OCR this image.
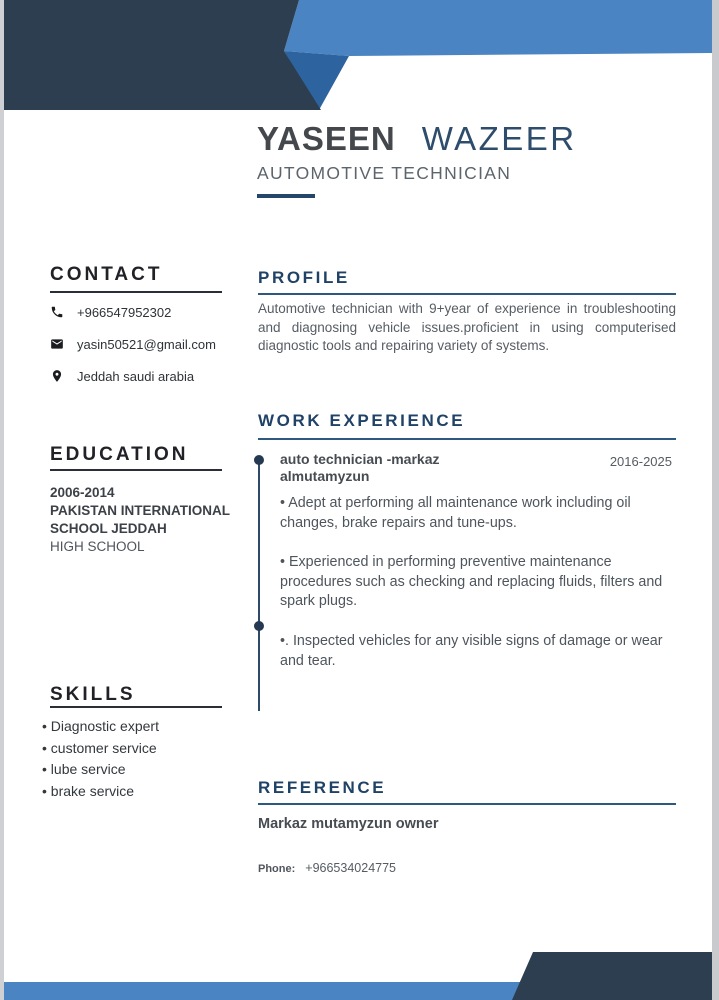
YASEEN WAZEER
AUTOMOTIVE TECHNICIAN
CONTACT
+966547952302
yasin50521@gmail.com
Jeddah saudi arabia
EDUCATION
2006-2014
PAKISTAN INTERNATIONAL
SCHOOL JEDDAH
HIGH SCHOOL
SKILLS
• Diagnostic expert
• customer service
• lube service
• brake service
PROFILE

Automotive technician with 9+year of experience in troubleshooting and diagnosing vehicle issues.proficient in using computerised diagnostic tools and repairing variety of systems.

WORK EXPERIENCE

auto technician -markaz almutamyzun

2016-2025

• Adept at performing all maintenance work including oil changes, brake repairs and tune-ups.

• Experienced in performing preventive maintenance procedures such as checking and replacing fluids, filters and spark plugs.

•. Inspected vehicles for any visible signs of damage or wear and tear.

REFERENCE
Markaz mutamyzun owner
Phone: +966534024775
